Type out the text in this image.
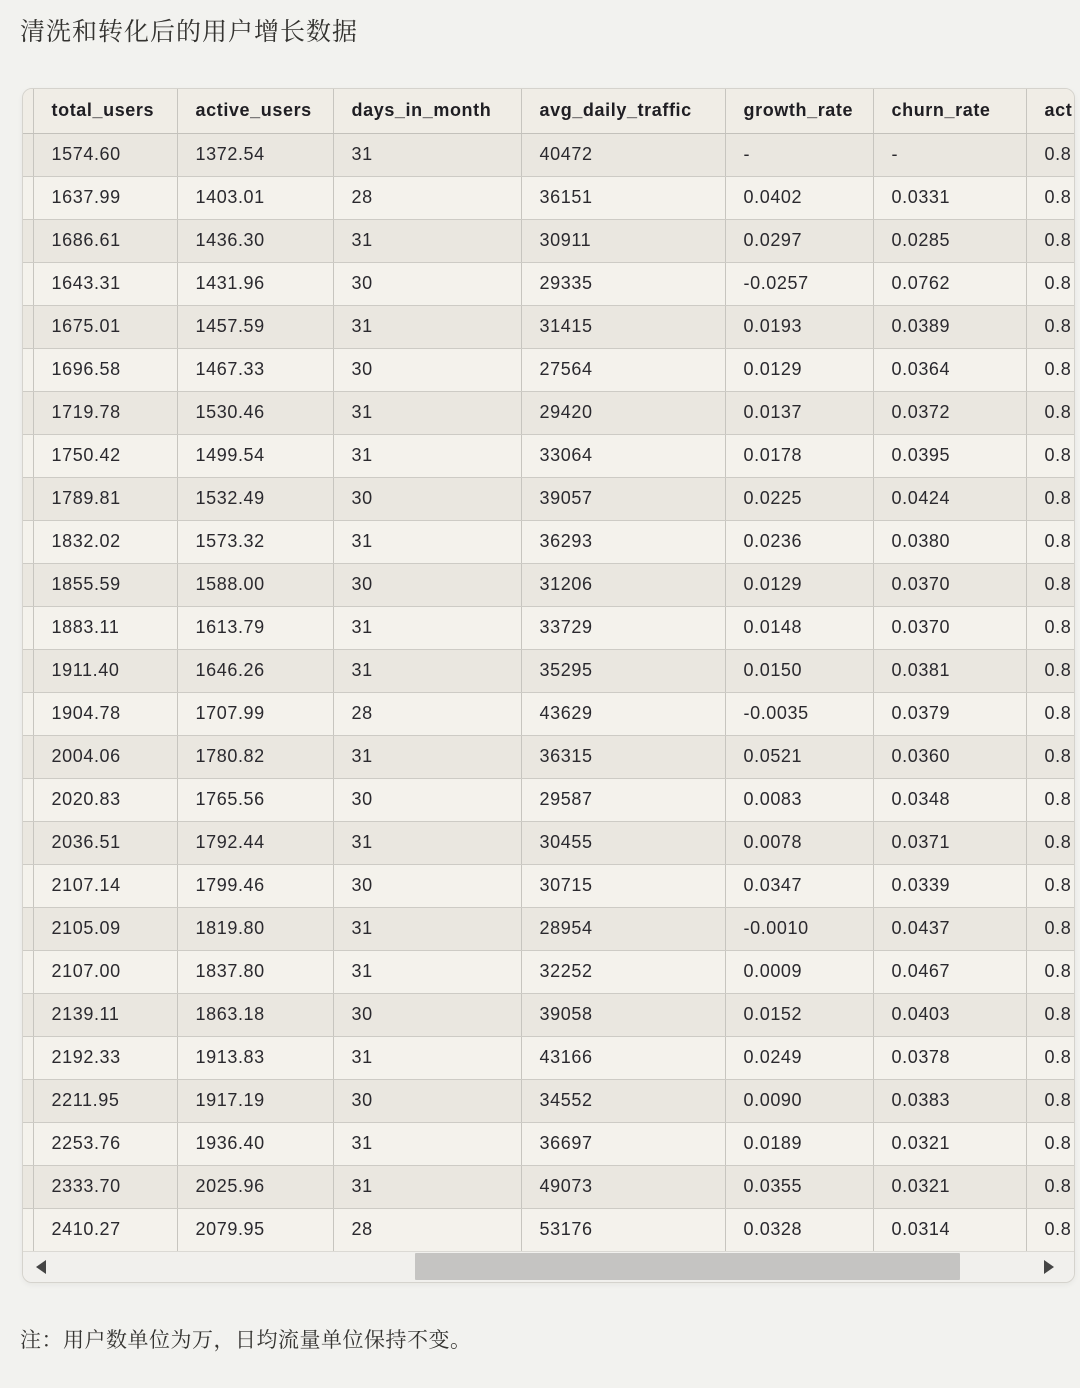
清洗和转化后的用户增长数据
	total_users	active_users	days_in_month	avg_daily_traffic	growth_rate	churn_rate	act
	1574.60	1372.54	31	40472	-	-	0.8
	1637.99	1403.01	28	36151	0.0402	0.0331	0.8
	1686.61	1436.30	31	30911	0.0297	0.0285	0.8
	1643.31	1431.96	30	29335	-0.0257	0.0762	0.8
	1675.01	1457.59	31	31415	0.0193	0.0389	0.8
	1696.58	1467.33	30	27564	0.0129	0.0364	0.8
	1719.78	1530.46	31	29420	0.0137	0.0372	0.8
	1750.42	1499.54	31	33064	0.0178	0.0395	0.8
	1789.81	1532.49	30	39057	0.0225	0.0424	0.8
	1832.02	1573.32	31	36293	0.0236	0.0380	0.8
	1855.59	1588.00	30	31206	0.0129	0.0370	0.8
	1883.11	1613.79	31	33729	0.0148	0.0370	0.8
	1911.40	1646.26	31	35295	0.0150	0.0381	0.8
	1904.78	1707.99	28	43629	-0.0035	0.0379	0.8
	2004.06	1780.82	31	36315	0.0521	0.0360	0.8
	2020.83	1765.56	30	29587	0.0083	0.0348	0.8
	2036.51	1792.44	31	30455	0.0078	0.0371	0.8
	2107.14	1799.46	30	30715	0.0347	0.0339	0.8
	2105.09	1819.80	31	28954	-0.0010	0.0437	0.8
	2107.00	1837.80	31	32252	0.0009	0.0467	0.8
	2139.11	1863.18	30	39058	0.0152	0.0403	0.8
	2192.33	1913.83	31	43166	0.0249	0.0378	0.8
	2211.95	1917.19	30	34552	0.0090	0.0383	0.8
	2253.76	1936.40	31	36697	0.0189	0.0321	0.8
	2333.70	2025.96	31	49073	0.0355	0.0321	0.8
	2410.27	2079.95	28	53176	0.0328	0.0314	0.8

注：用户数单位为万，日均流量单位保持不变。
